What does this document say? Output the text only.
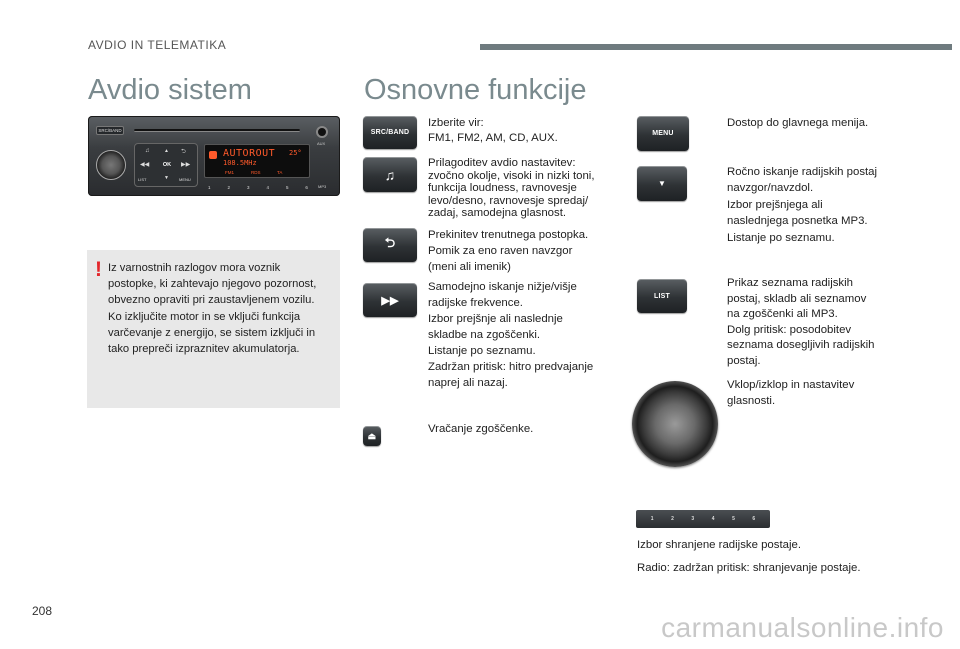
AVDIO IN TELEMATIKA
Avdio sistem	Osnovne funkcije
SRC/BAND
AUX
OK
LIST	MENU
♫	⮌
◀◀	▶▶
▲
▼
AUTOROUT
108.5MHz
25°
FM1	RDS	TA
1	2	3	4	5	6	MP3
! Iz varnostnih razlogov mora voznik
postopke, ki zahtevajo njegovo pozornost,
obvezno opraviti pri zaustavljenem vozilu.
Ko izključite motor in se vključi funkcija
varčevanje z energijo, se sistem izključi in
tako prepreči izpraznitev akumulatorja.
SRC/BAND
♫
⮌
▶▶
⏏
Izberite vir:
FM1, FM2, AM, CD, AUX.
Prilagoditev avdio nastavitev:
zvočno okolje, visoki in nizki toni,
funkcija loudness, ravnovesje
levo/desno, ravnovesje spredaj/
zadaj, samodejna glasnost.
Prekinitev trenutnega postopka.
Pomik za eno raven navzgor
(meni ali imenik)
Samodejno iskanje nižje/višje
radijske frekvence.
Izbor prejšnje ali naslednje
skladbe na zgoščenki.
Listanje po seznamu.
Zadržan pritisk: hitro predvajanje
naprej ali nazaj.
Vračanje zgoščenke.
MENU
▼
LIST
1	2	3	4	5	6
Dostop do glavnega menija.
Ročno iskanje radijskih postaj
navzgor/navzdol.
Izbor prejšnjega ali
naslednjega posnetka MP3.
Listanje po seznamu.
Prikaz seznama radijskih
postaj, skladb ali seznamov
na zgoščenki ali MP3.
Dolg pritisk: posodobitev
seznama dosegljivih radijskih
postaj.
Vklop/izklop in nastavitev
glasnosti.
Izbor shranjene radijske postaje.
Radio: zadržan pritisk: shranjevanje postaje.
208
carmanualsonline.info
